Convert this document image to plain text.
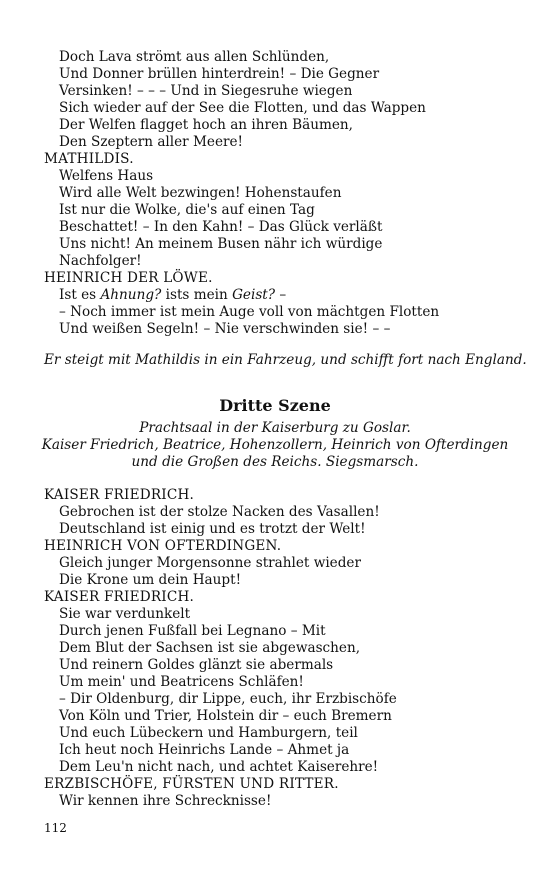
Doch Lava strömt aus allen Schlünden,
Und Donner brüllen hinterdrein! – Die Gegner
Versinken! – – – Und in Siegesruhe wiegen
Sich wieder auf der See die Flotten, und das Wappen
Der Welfen flagget hoch an ihren Bäumen,
Den Szeptern aller Meere!
MATHILDIS.
Welfens Haus
Wird alle Welt bezwingen! Hohenstaufen
Ist nur die Wolke, die's auf einen Tag
Beschattet! – In den Kahn! – Das Glück verläßt
Uns nicht! An meinem Busen nähr ich würdige
Nachfolger!
HEINRICH DER LÖWE.
Ist es Ahnung? ists mein Geist? –
– Noch immer ist mein Auge voll von mächtgen Flotten
Und weißen Segeln! – Nie verschwinden sie! – –
Er steigt mit Mathildis in ein Fahrzeug, und schifft fort nach England.
Dritte Szene
Prachtsaal in der Kaiserburg zu Goslar.
Kaiser Friedrich, Beatrice, Hohenzollern, Heinrich von Ofterdingen
und die Großen des Reichs. Siegsmarsch.
KAISER FRIEDRICH.
Gebrochen ist der stolze Nacken des Vasallen!
Deutschland ist einig und es trotzt der Welt!
HEINRICH VON OFTERDINGEN.
Gleich junger Morgensonne strahlet wieder
Die Krone um dein Haupt!
KAISER FRIEDRICH.
Sie war verdunkelt
Durch jenen Fußfall bei Legnano – Mit
Dem Blut der Sachsen ist sie abgewaschen,
Und reinern Goldes glänzt sie abermals
Um mein' und Beatricens Schläfen!
– Dir Oldenburg, dir Lippe, euch, ihr Erzbischöfe
Von Köln und Trier, Holstein dir – euch Bremern
Und euch Lübeckern und Hamburgern, teil
Ich heut noch Heinrichs Lande – Ahmet ja
Dem Leu'n nicht nach, und achtet Kaiserehre!
ERZBISCHÖFE, FÜRSTEN UND RITTER.
Wir kennen ihre Schrecknisse!
112
